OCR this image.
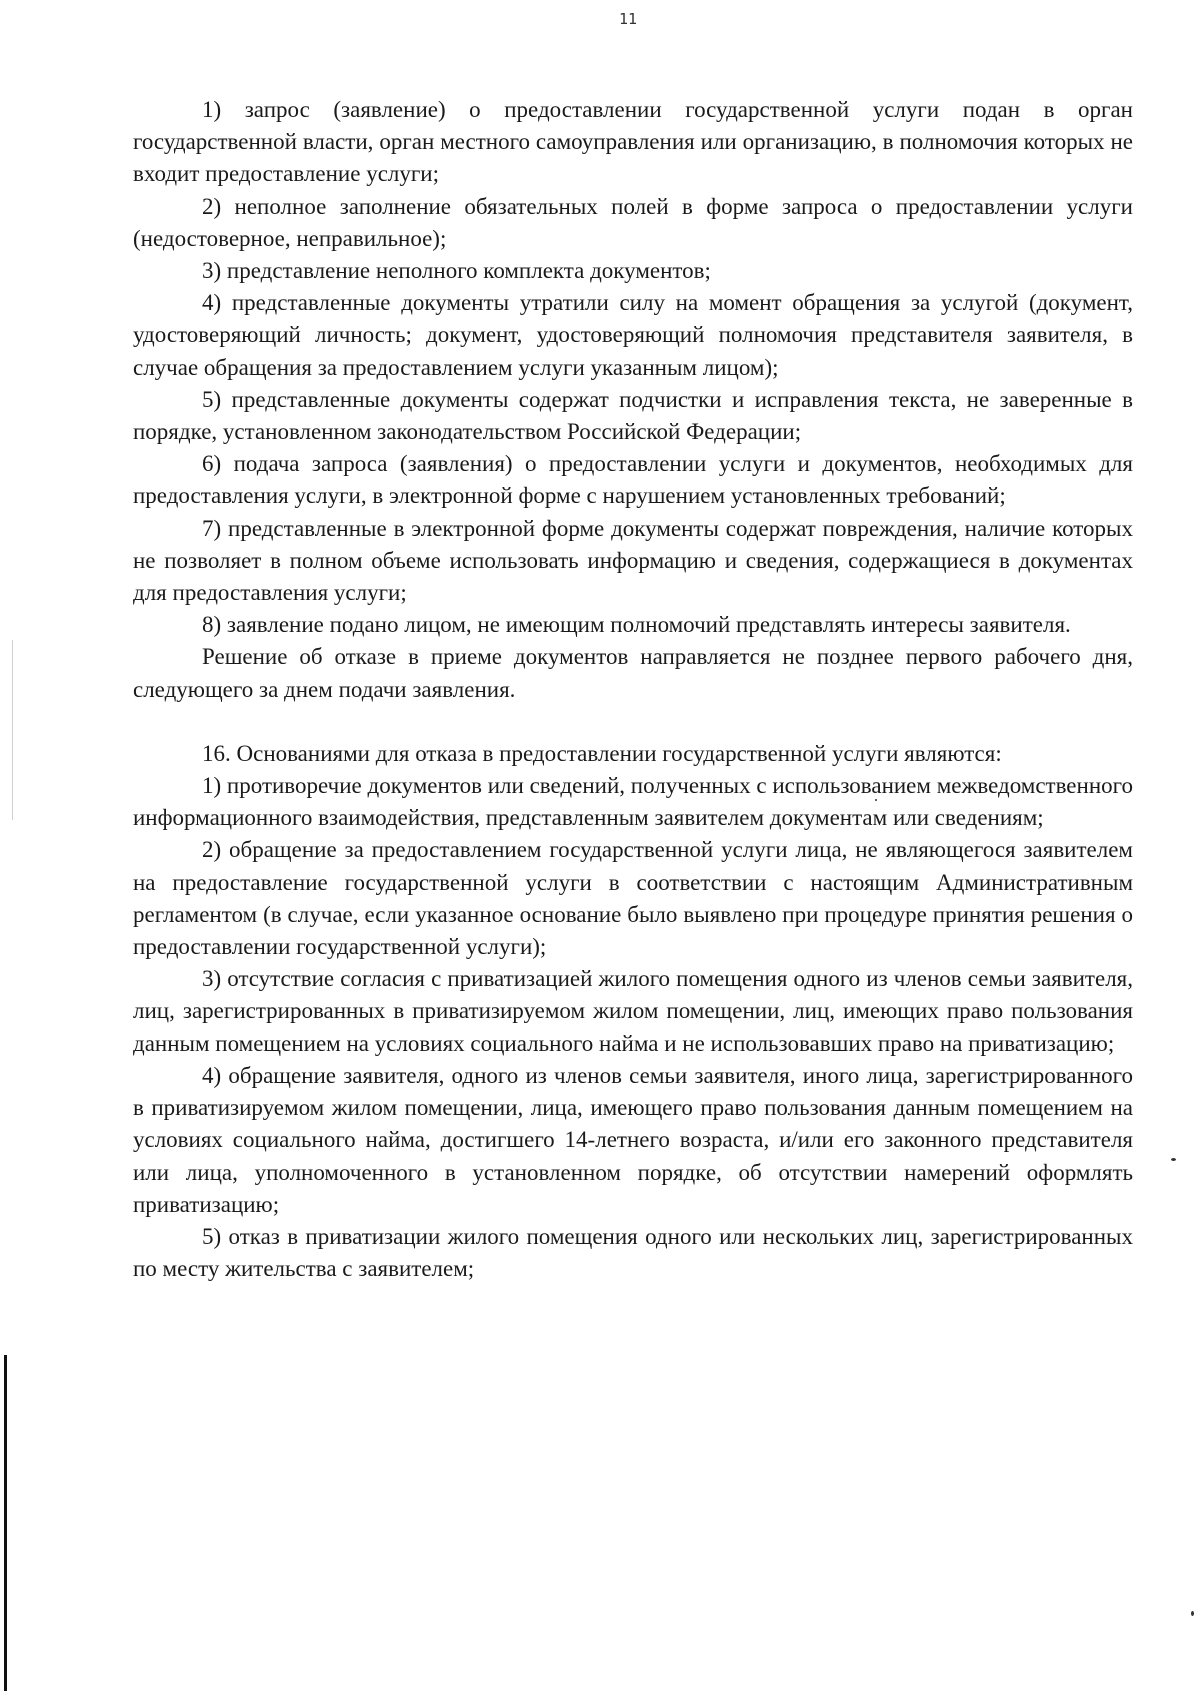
11

1) запрос (заявление) о предоставлении государственной услуги подан в орган государственной власти, орган местного самоуправления или организацию, в полномочия которых не входит предоставление услуги;

2) неполное заполнение обязательных полей в форме запроса о предоставлении услуги (недостоверное, неправильное);

3) представление неполного комплекта документов;

4) представленные документы утратили силу на момент обращения за услугой (документ, удостоверяющий личность; документ, удостоверяющий полномочия представителя заявителя, в случае обращения за предоставлением услуги указанным лицом);

5) представленные документы содержат подчистки и исправления текста, не заверенные в порядке, установленном законодательством Российской Федерации;

6) подача запроса (заявления) о предоставлении услуги и документов, необходимых для предоставления услуги, в электронной форме с нарушением установленных требований;

7) представленные в электронной форме документы содержат повреждения, наличие которых не позволяет в полном объеме использовать информацию и сведения, содержащиеся в документах для предоставления услуги;

8) заявление подано лицом, не имеющим полномочий представлять интересы заявителя.

Решение об отказе в приеме документов направляется не позднее первого рабочего дня, следующего за днем подачи заявления.

16. Основаниями для отказа в предоставлении государственной услуги являются:

1) противоречие документов или сведений, полученных с использованием межведомственного информационного взаимодействия, представленным заявителем документам или сведениям;

2) обращение за предоставлением государственной услуги лица, не являющегося заявителем на предоставление государственной услуги в соответствии с настоящим Административным регламентом (в случае, если указанное основание было выявлено при процедуре принятия решения о предоставлении государственной услуги);

3) отсутствие согласия с приватизацией жилого помещения одного из членов семьи заявителя, лиц, зарегистрированных в приватизируемом жилом помещении, лиц, имеющих право пользования данным помещением на условиях социального найма и не использовавших право на приватизацию;

4) обращение заявителя, одного из членов семьи заявителя, иного лица, зарегистрированного в приватизируемом жилом помещении, лица, имеющего право пользования данным помещением на условиях социального найма, достигшего 14-летнего возраста, и/или его законного представителя или лица, уполномоченного в установленном порядке, об отсутствии намерений оформлять приватизацию;

5) отказ в приватизации жилого помещения одного или нескольких лиц, зарегистрированных по месту жительства с заявителем;
